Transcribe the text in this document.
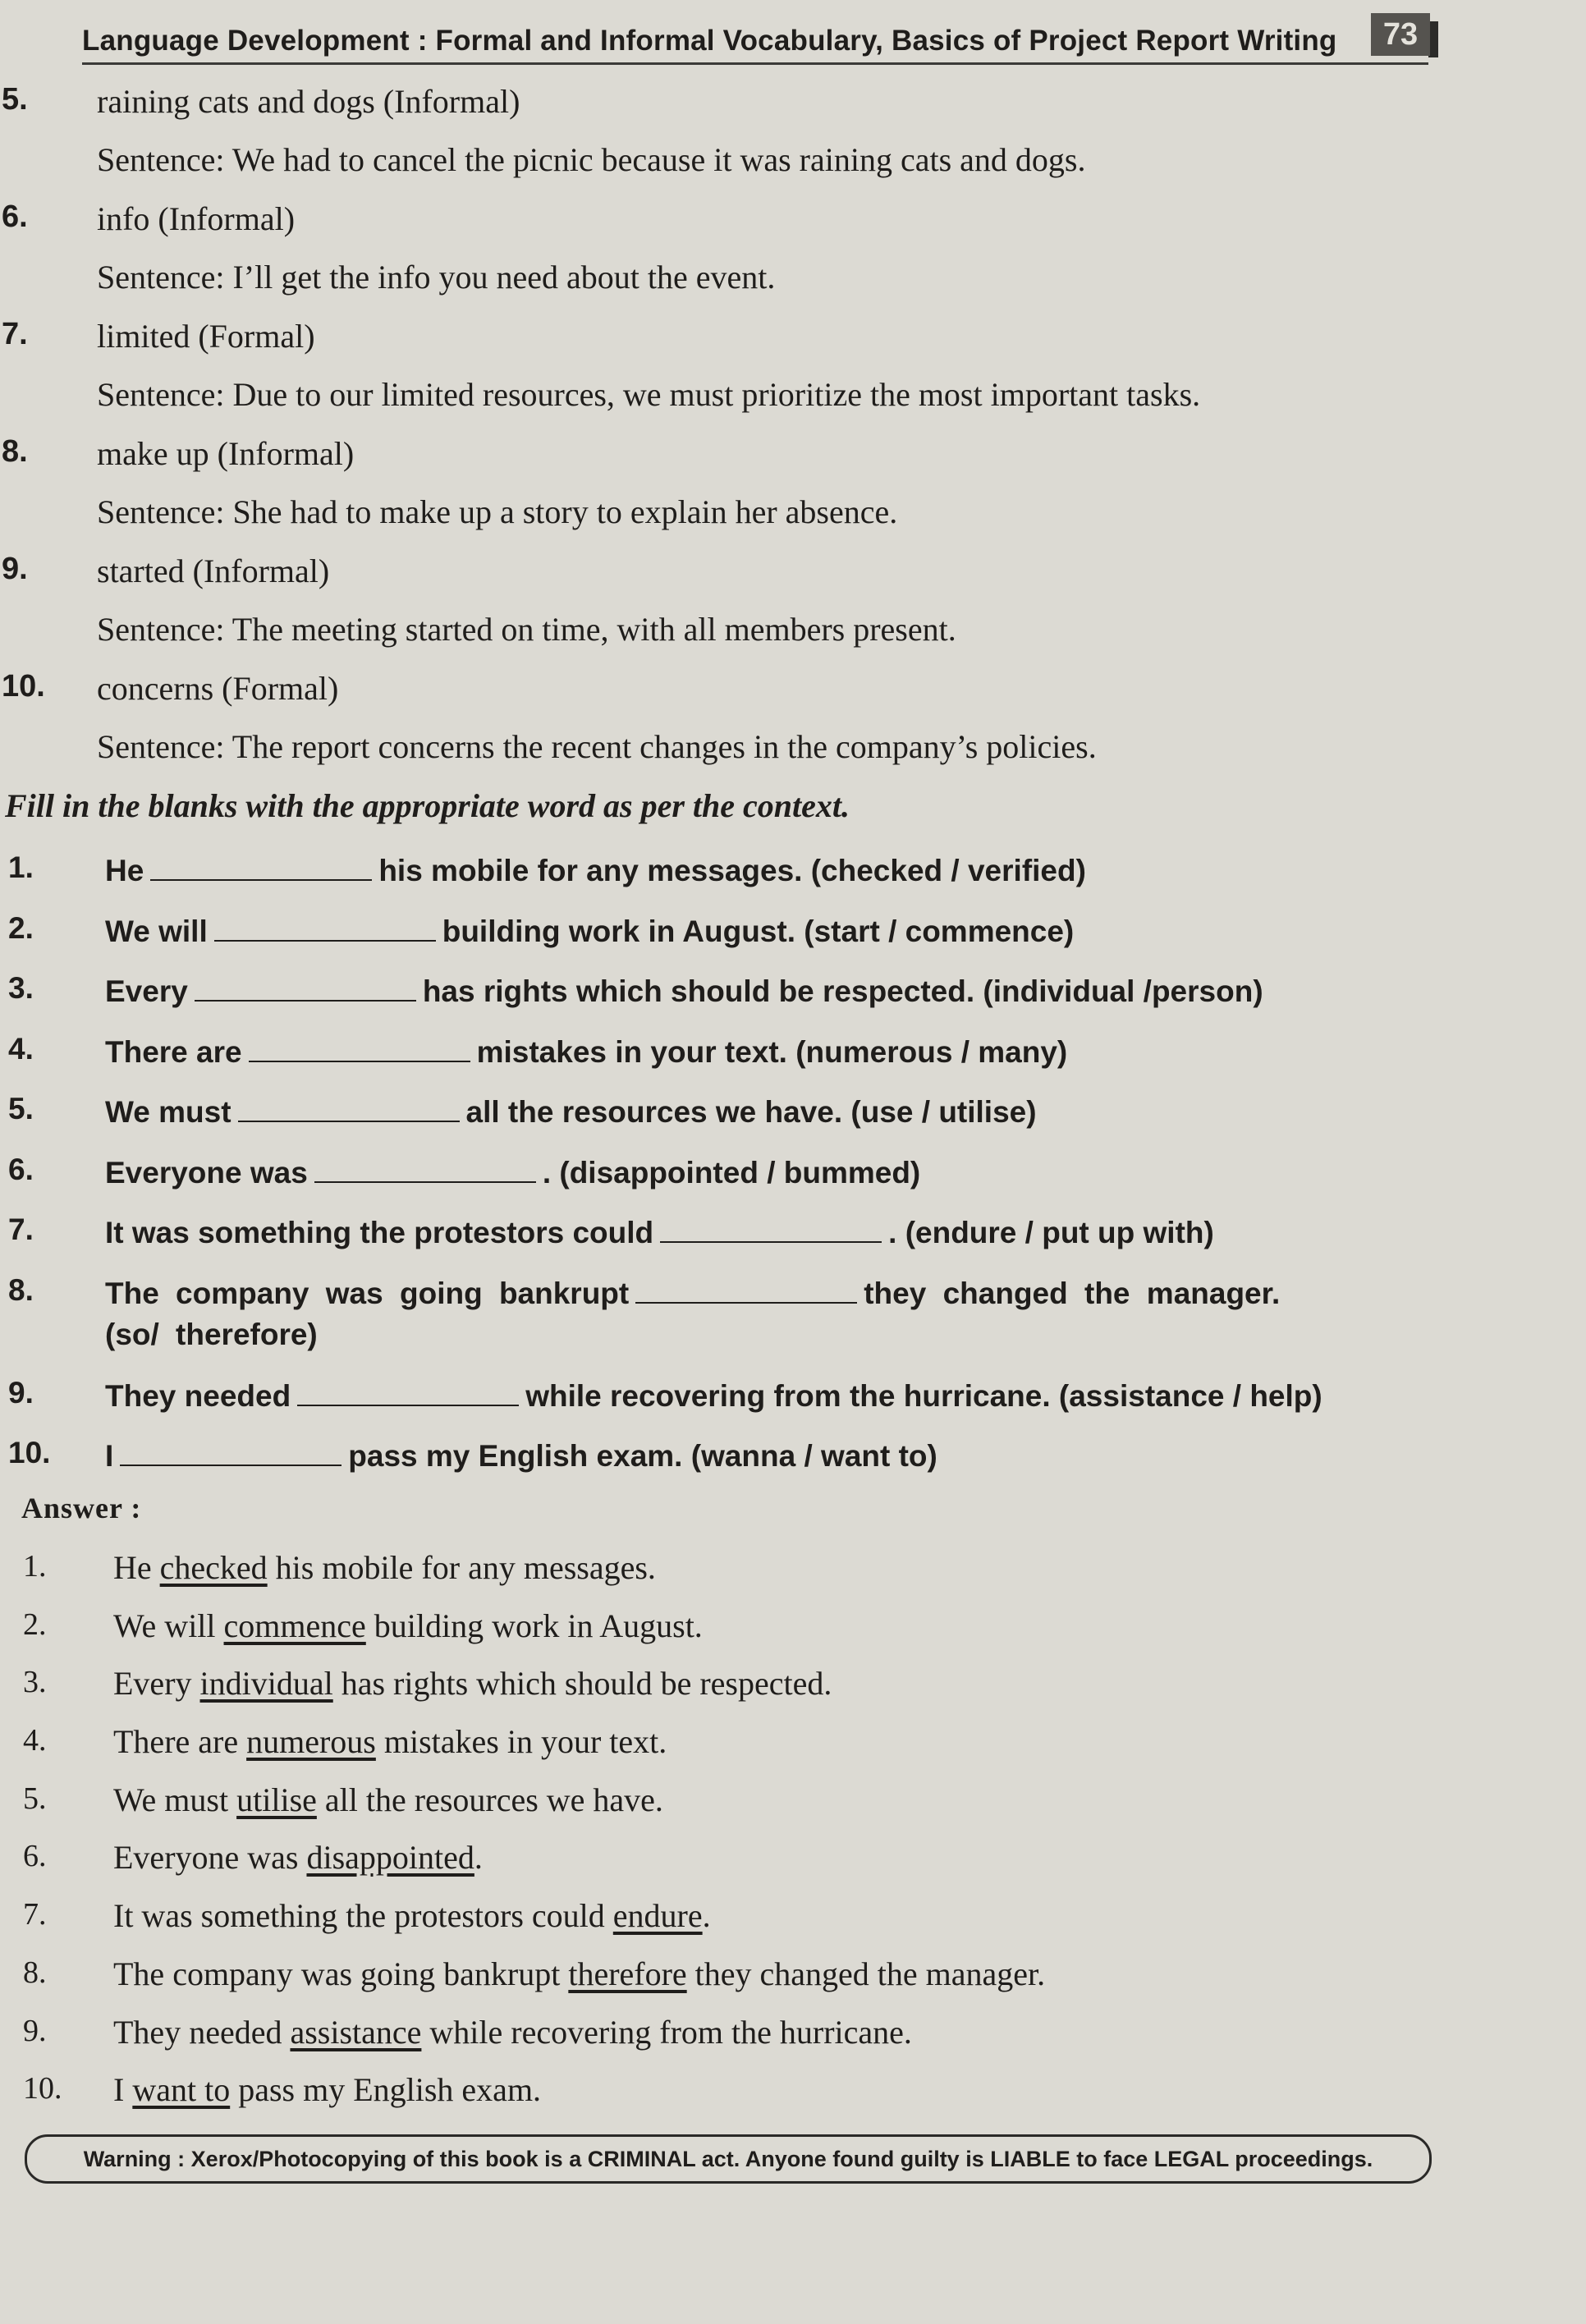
Language Development : Formal and Informal Vocabulary, Basics of Project Report Writing	73
5. raining cats and dogs (Informal)
Sentence: We had to cancel the picnic because it was raining cats and dogs.
6. info (Informal)
Sentence: I’ll get the info you need about the event.
7. limited (Formal)
Sentence: Due to our limited resources, we must prioritize the most important tasks.
8. make up (Informal)
Sentence: She had to make up a story to explain her absence.
9. started (Informal)
Sentence: The meeting started on time, with all members present.
10. concerns (Formal)
Sentence: The report concerns the recent changes in the company’s policies.
Fill in the blanks with the appropriate word as per the context.
1. He	his mobile for any messages. (checked / verified)
2. We will	building work in August. (start / commence)
3. Every	has rights which should be respected. (individual /person)
4. There are	mistakes in your text. (numerous / many)
5. We must	all the resources we have. (use / utilise)
6. Everyone was	. (disappointed / bummed)
7. It was something the protestors could	. (endure / put up with)
8. The company was going bankrupt	they changed the manager. (so/ therefore)
9. They needed	while recovering from the hurricane. (assistance / help)
10. I	pass my English exam. (wanna / want to)
Answer :
1. He checked his mobile for any messages.
2. We will commence building work in August.
3. Every individual has rights which should be respected.
4. There are numerous mistakes in your text.
5. We must utilise all the resources we have.
6. Everyone was disappointed.
7. It was something the protestors could endure.
8. The company was going bankrupt therefore they changed the manager.
9. They needed assistance while recovering from the hurricane.
10. I want to pass my English exam.
Warning : Xerox/Photocopying of this book is a CRIMINAL act. Anyone found guilty is LIABLE to face LEGAL proceedings.
